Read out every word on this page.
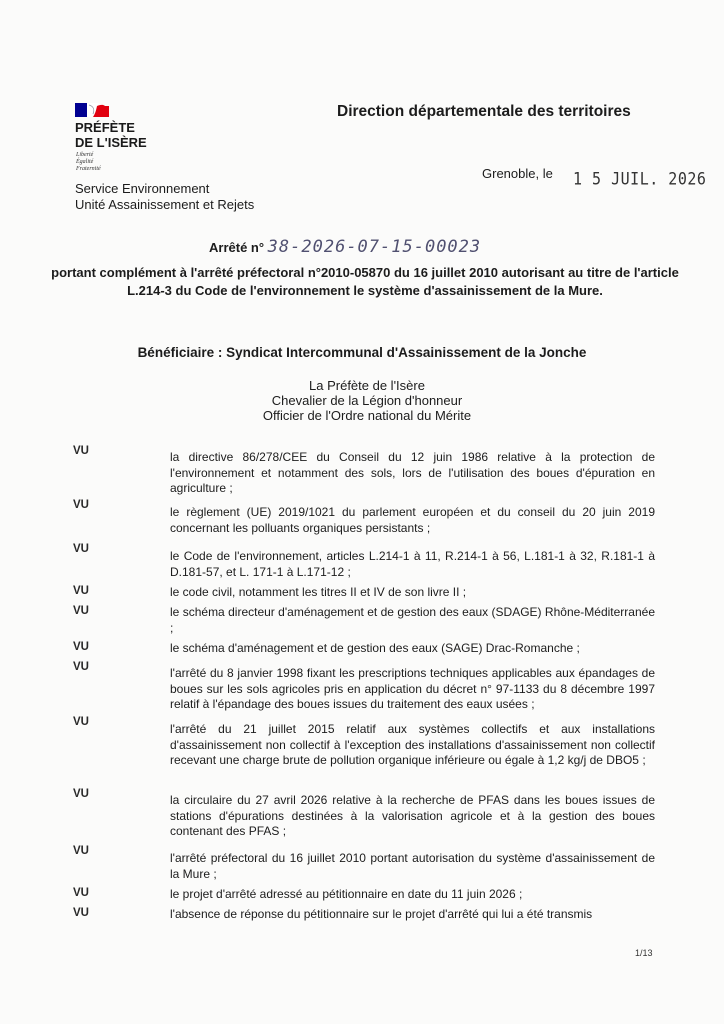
PRÉFÈTE
DE L'ISÈRE
Liberté
Égalité
Fraternité
Service Environnement
Unité Assainissement et Rejets
Direction départementale des territoires
Grenoble, le 1 5 JUIL. 2026
Arrêté n° 38-2026-07-15-00023
portant complément à l'arrêté préfectoral n°2010-05870 du 16 juillet 2010 autorisant au titre de l'article L.214-3 du Code de l'environnement le système d'assainissement de la Mure.
Bénéficiaire : Syndicat Intercommunal d'Assainissement de la Jonche
La Préfète de l'Isère
Chevalier de la Légion d'honneur
Officier de l'Ordre national du Mérite
VU	la directive 86/278/CEE du Conseil du 12 juin 1986 relative à la protection de l'environnement et notamment des sols, lors de l'utilisation des boues d'épuration en agriculture ;
VU	le règlement (UE) 2019/1021 du parlement européen et du conseil du 20 juin 2019 concernant les polluants organiques persistants ;
VU	le Code de l'environnement, articles L.214-1 à 11, R.214-1 à 56, L.181-1 à 32, R.181-1 à D.181-57, et L. 171-1 à L.171-12 ;
VU	le code civil, notamment les titres II et IV de son livre II ;
VU	le schéma directeur d'aménagement et de gestion des eaux (SDAGE) Rhône-Méditerranée ;
VU	le schéma d'aménagement et de gestion des eaux (SAGE) Drac-Romanche ;
VU	l'arrêté du 8 janvier 1998 fixant les prescriptions techniques applicables aux épandages de boues sur les sols agricoles pris en application du décret n° 97-1133 du 8 décembre 1997 relatif à l'épandage des boues issues du traitement des eaux usées ;
VU	l'arrêté du 21 juillet 2015 relatif aux systèmes collectifs et aux installations d'assainissement non collectif à l'exception des installations d'assainissement non collectif recevant une charge brute de pollution organique inférieure ou égale à 1,2 kg/j de DBO5 ;
VU	la circulaire du 27 avril 2026 relative à la recherche de PFAS dans les boues issues de stations d'épurations destinées à la valorisation agricole et à la gestion des boues contenant des PFAS ;
VU	l'arrêté préfectoral du 16 juillet 2010 portant autorisation du système d'assainissement de la Mure ;
VU	le projet d'arrêté adressé au pétitionnaire en date du 11 juin 2026 ;
VU	l'absence de réponse du pétitionnaire sur le projet d'arrêté qui lui a été transmis
1/13
